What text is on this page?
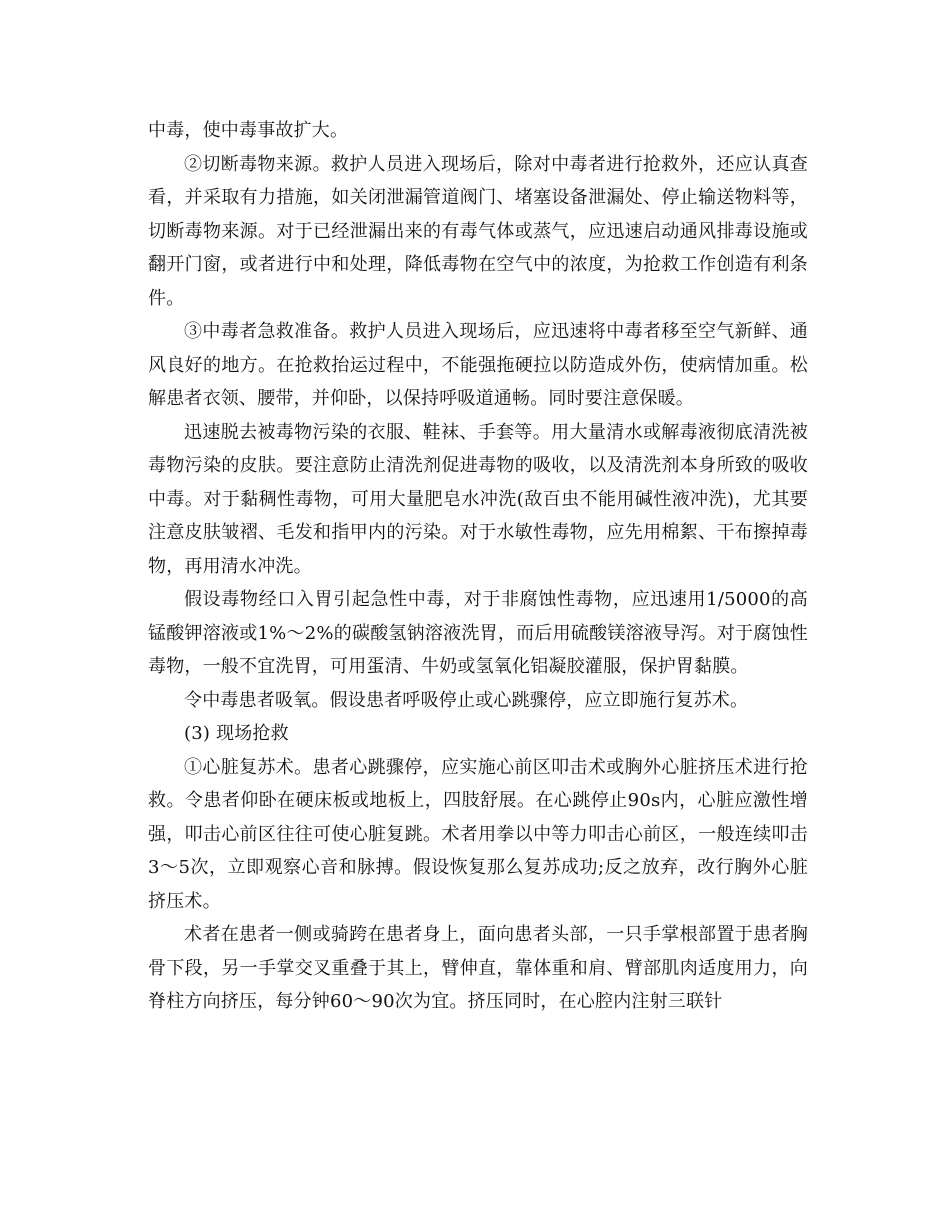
中毒，使中毒事故扩大。

②切断毒物来源。救护人员进入现场后，除对中毒者进行抢救外，还应认真查看，并采取有力措施，如关闭泄漏管道阀门、堵塞设备泄漏处、停止输送物料等，切断毒物来源。对于已经泄漏出来的有毒气体或蒸气，应迅速启动通风排毒设施或翻开门窗，或者进行中和处理，降低毒物在空气中的浓度，为抢救工作创造有利条件。

③中毒者急救准备。救护人员进入现场后，应迅速将中毒者移至空气新鲜、通风良好的地方。在抢救抬运过程中，不能强拖硬拉以防造成外伤，使病情加重。松解患者衣领、腰带，并仰卧，以保持呼吸道通畅。同时要注意保暖。

迅速脱去被毒物污染的衣服、鞋袜、手套等。用大量清水或解毒液彻底清洗被毒物污染的皮肤。要注意防止清洗剂促进毒物的吸收，以及清洗剂本身所致的吸收中毒。对于黏稠性毒物，可用大量肥皂水冲洗(敌百虫不能用碱性液冲洗)，尤其要注意皮肤皱褶、毛发和指甲内的污染。对于水敏性毒物，应先用棉絮、干布擦掉毒物，再用清水冲洗。

假设毒物经口入胃引起急性中毒，对于非腐蚀性毒物，应迅速用1/5000的高锰酸钾溶液或1%～2%的碳酸氢钠溶液洗胃，而后用硫酸镁溶液导泻。对于腐蚀性毒物，一般不宜洗胃，可用蛋清、牛奶或氢氧化铝凝胶灌服，保护胃黏膜。

令中毒患者吸氧。假设患者呼吸停止或心跳骤停，应立即施行复苏术。

(3) 现场抢救

①心脏复苏术。患者心跳骤停，应实施心前区叩击术或胸外心脏挤压术进行抢救。令患者仰卧在硬床板或地板上，四肢舒展。在心跳停止90s内，心脏应激性增强，叩击心前区往往可使心脏复跳。术者用拳以中等力叩击心前区，一般连续叩击3～5次，立即观察心音和脉搏。假设恢复那么复苏成功;反之放弃，改行胸外心脏挤压术。

术者在患者一侧或骑跨在患者身上，面向患者头部，一只手掌根部置于患者胸骨下段，另一手掌交叉重叠于其上，臂伸直，靠体重和肩、臂部肌肉适度用力，向脊柱方向挤压，每分钟60～90次为宜。挤压同时，在心腔内注射三联针
